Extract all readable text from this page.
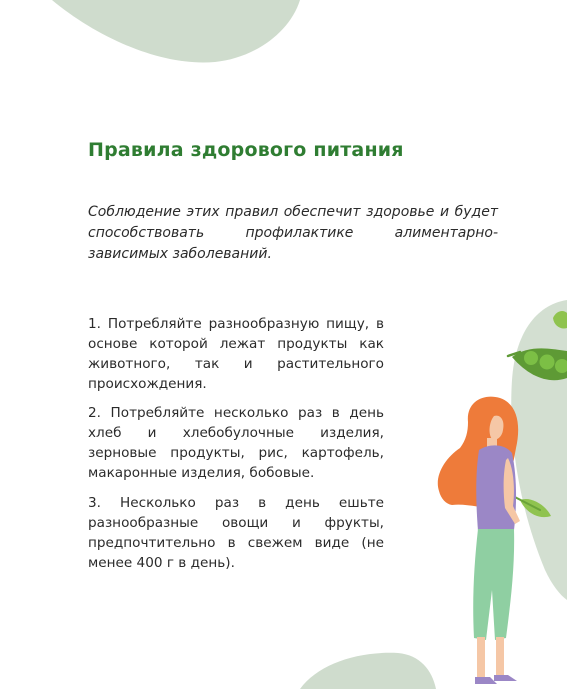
Правила здорового питания

Соблюдение этих правил обеспечит здоровье и будет способствовать профилактике алиментарно-зависимых заболеваний.

1. Потребляйте разнообразную пищу, в основе которой лежат продукты как животного, так и растительного происхождения.

2. Потребляйте несколько раз в день хлеб и хлебобулочные изделия, зерновые продукты, рис, картофель, макаронные изделия, бобовые.

3. Несколько раз в день ешьте разнообразные овощи и фрукты, предпочтительно в свежем виде (не менее 400 г в день).
